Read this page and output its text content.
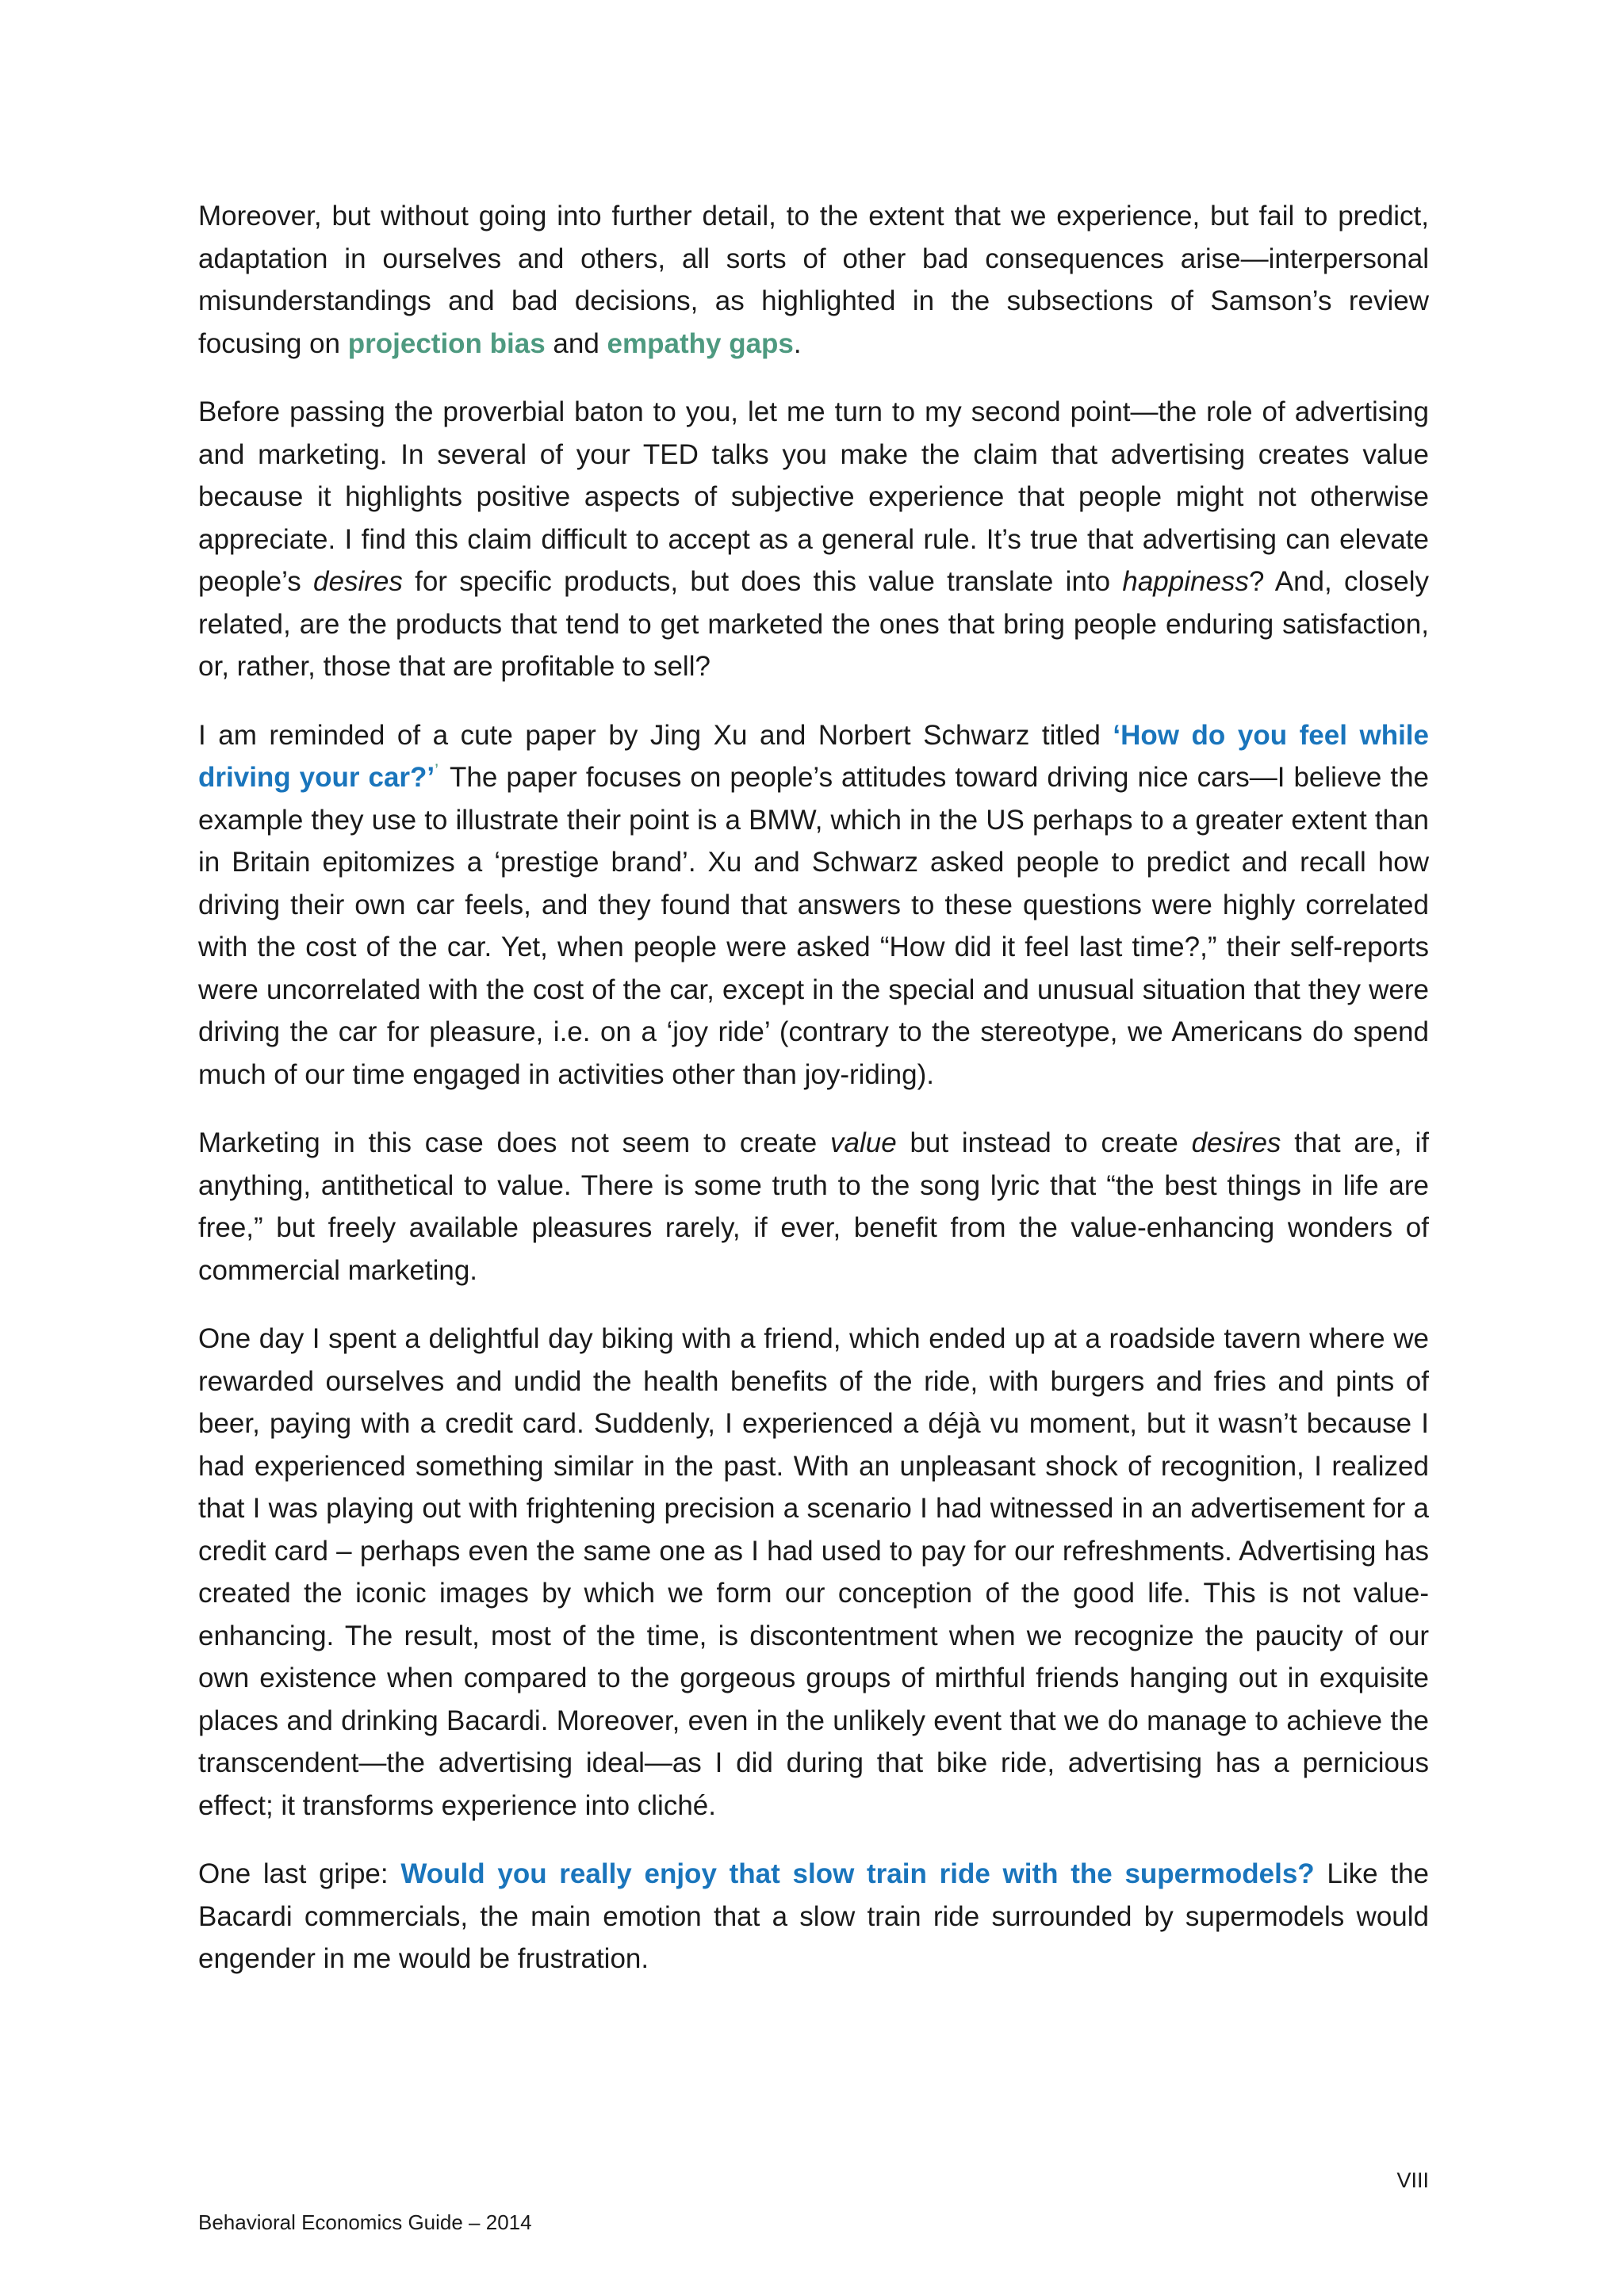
Moreover, but without going into further detail, to the extent that we experience, but fail to predict, adaptation in ourselves and others, all sorts of other bad consequences arise—interpersonal misunderstandings and bad decisions, as highlighted in the subsections of Samson’s review focusing on projection bias and empathy gaps.

Before passing the proverbial baton to you, let me turn to my second point—the role of advertising and marketing. In several of your TED talks you make the claim that advertising creates value because it highlights positive aspects of subjective experience that people might not otherwise appreciate. I find this claim difficult to accept as a general rule. It’s true that advertising can elevate people’s desires for specific products, but does this value translate into happiness? And, closely related, are the products that tend to get marketed the ones that bring people enduring satisfaction, or, rather, those that are profitable to sell?

I am reminded of a cute paper by Jing Xu and Norbert Schwarz titled ‘How do you feel while driving your car?’’ The paper focuses on people’s attitudes toward driving nice cars—I believe the example they use to illustrate their point is a BMW, which in the US perhaps to a greater extent than in Britain epitomizes a ‘prestige brand’. Xu and Schwarz asked people to predict and recall how driving their own car feels, and they found that answers to these questions were highly correlated with the cost of the car. Yet, when people were asked “How did it feel last time?,” their self-reports were uncorrelated with the cost of the car, except in the special and unusual situation that they were driving the car for pleasure, i.e. on a ‘joy ride’ (contrary to the stereotype, we Americans do spend much of our time engaged in activities other than joy-riding).

Marketing in this case does not seem to create value but instead to create desires that are, if anything, antithetical to value. There is some truth to the song lyric that “the best things in life are free,” but freely available pleasures rarely, if ever, benefit from the value-enhancing wonders of commercial marketing.

One day I spent a delightful day biking with a friend, which ended up at a roadside tavern where we rewarded ourselves and undid the health benefits of the ride, with burgers and fries and pints of beer, paying with a credit card. Suddenly, I experienced a déjà vu moment, but it wasn’t because I had experienced something similar in the past. With an unpleasant shock of recognition, I realized that I was playing out with frightening precision a scenario I had witnessed in an advertisement for a credit card – perhaps even the same one as I had used to pay for our refreshments. Advertising has created the iconic images by which we form our conception of the good life. This is not value-enhancing. The result, most of the time, is discontentment when we recognize the paucity of our own existence when compared to the gorgeous groups of mirthful friends hanging out in exquisite places and drinking Bacardi. Moreover, even in the unlikely event that we do manage to achieve the transcendent—the advertising ideal—as I did during that bike ride, advertising has a pernicious effect; it transforms experience into cliché.

One last gripe: Would you really enjoy that slow train ride with the supermodels? Like the Bacardi commercials, the main emotion that a slow train ride surrounded by supermodels would engender in me would be frustration.

VIII
Behavioral Economics Guide – 2014
